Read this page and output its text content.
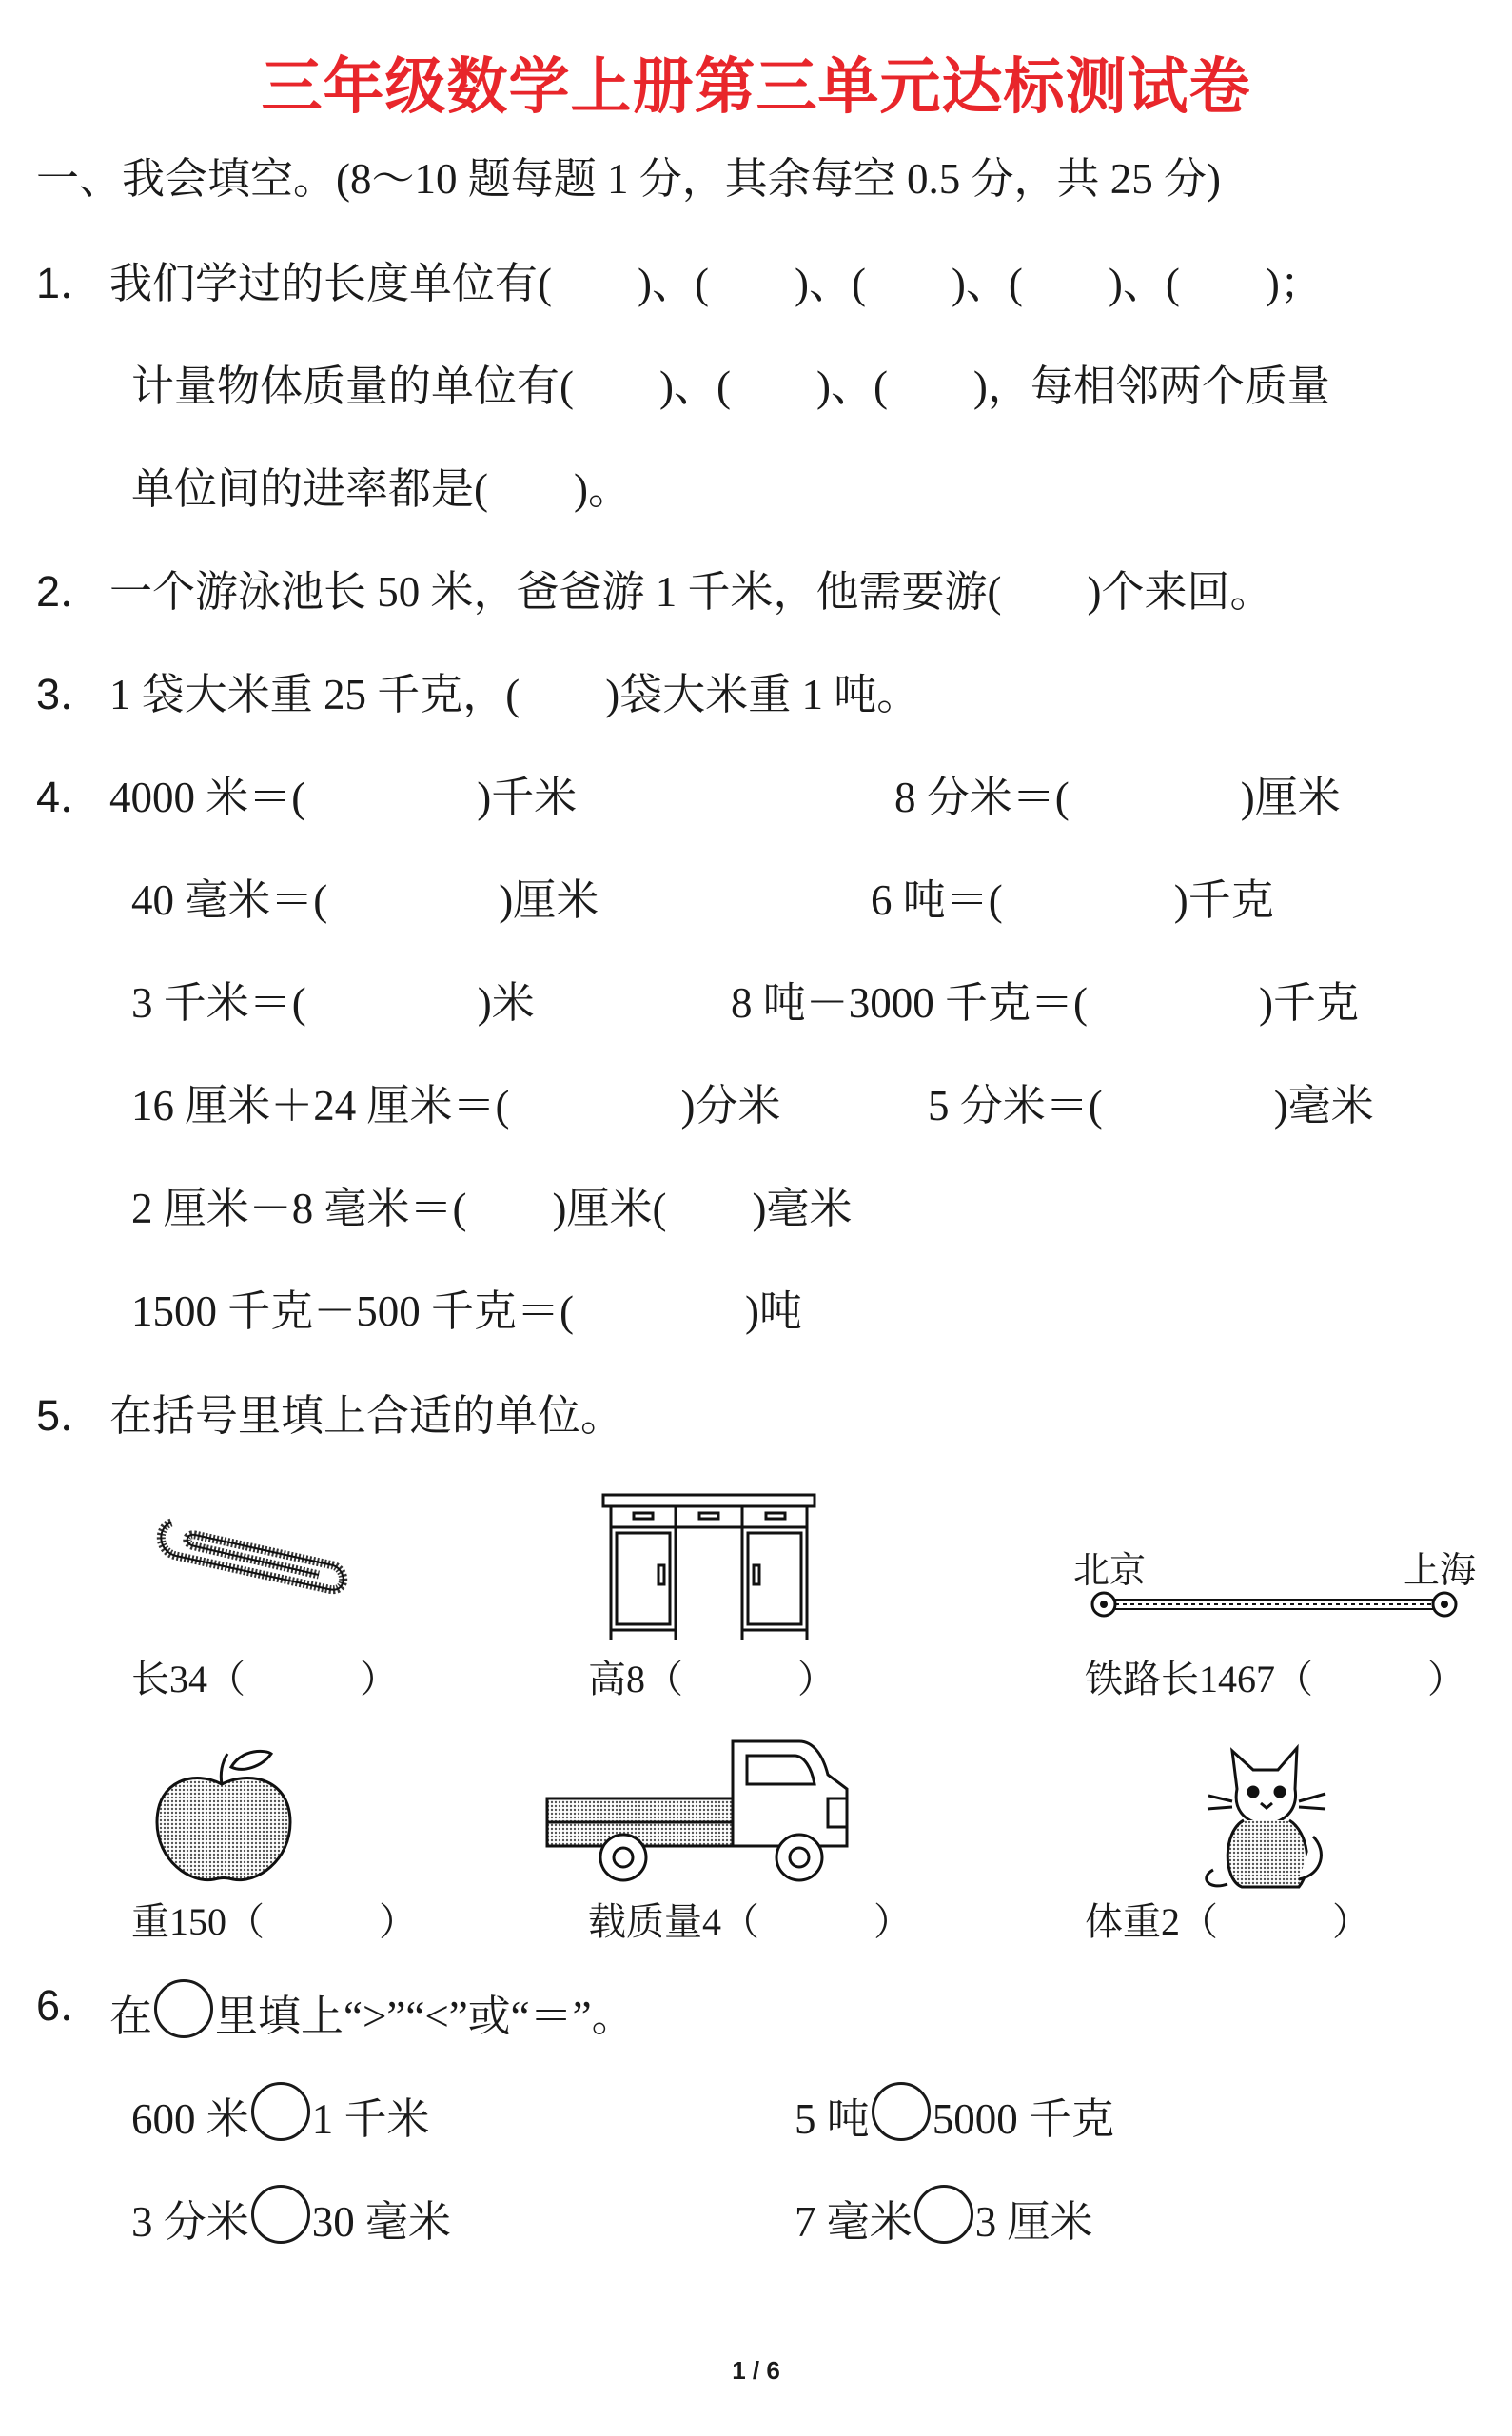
三年级数学上册第三单元达标测试卷
一、我会填空。(8～10 题每题 1 分，其余每空 0.5 分，共 25 分)
1． 我们学过的长度单位有(　　)、(　　)、(　　)、(　　)、(　　)；
计量物体质量的单位有(　　)、(　　)、(　　)，每相邻两个质量
单位间的进率都是(　　)。
2． 一个游泳池长 50 米，爸爸游 1 千米，他需要游(　　)个来回。
3． 1 袋大米重 25 千克，(　　)袋大米重 1 吨。
4． 4000 米＝(　　　　)千米	8 分米＝(　　　　)厘米
40 毫米＝(　　　　)厘米	6 吨＝(　　　　)千克
3 千米＝(　　　　)米	8 吨－3000 千克＝(　　　　)千克
16 厘米＋24 厘米＝(　　　　)分米	5 分米＝(　　　　)毫米
2 厘米－8 毫米＝(　　)厘米(　　)毫米
1500 千克－500 千克＝(　　　　)吨
5． 在括号里填上合适的单位。
北京	上海
长34（　　　）	高8（　　　）	铁路长1467（　　　）
重150（　　　）	载质量4（　　　）	体重2（　　　）
6． 在 里填上“>”“<”或“＝”。
600 米 1 千米	5 吨 5000 千克
3 分米 30 毫米	7 毫米 3 厘米
1 / 6
